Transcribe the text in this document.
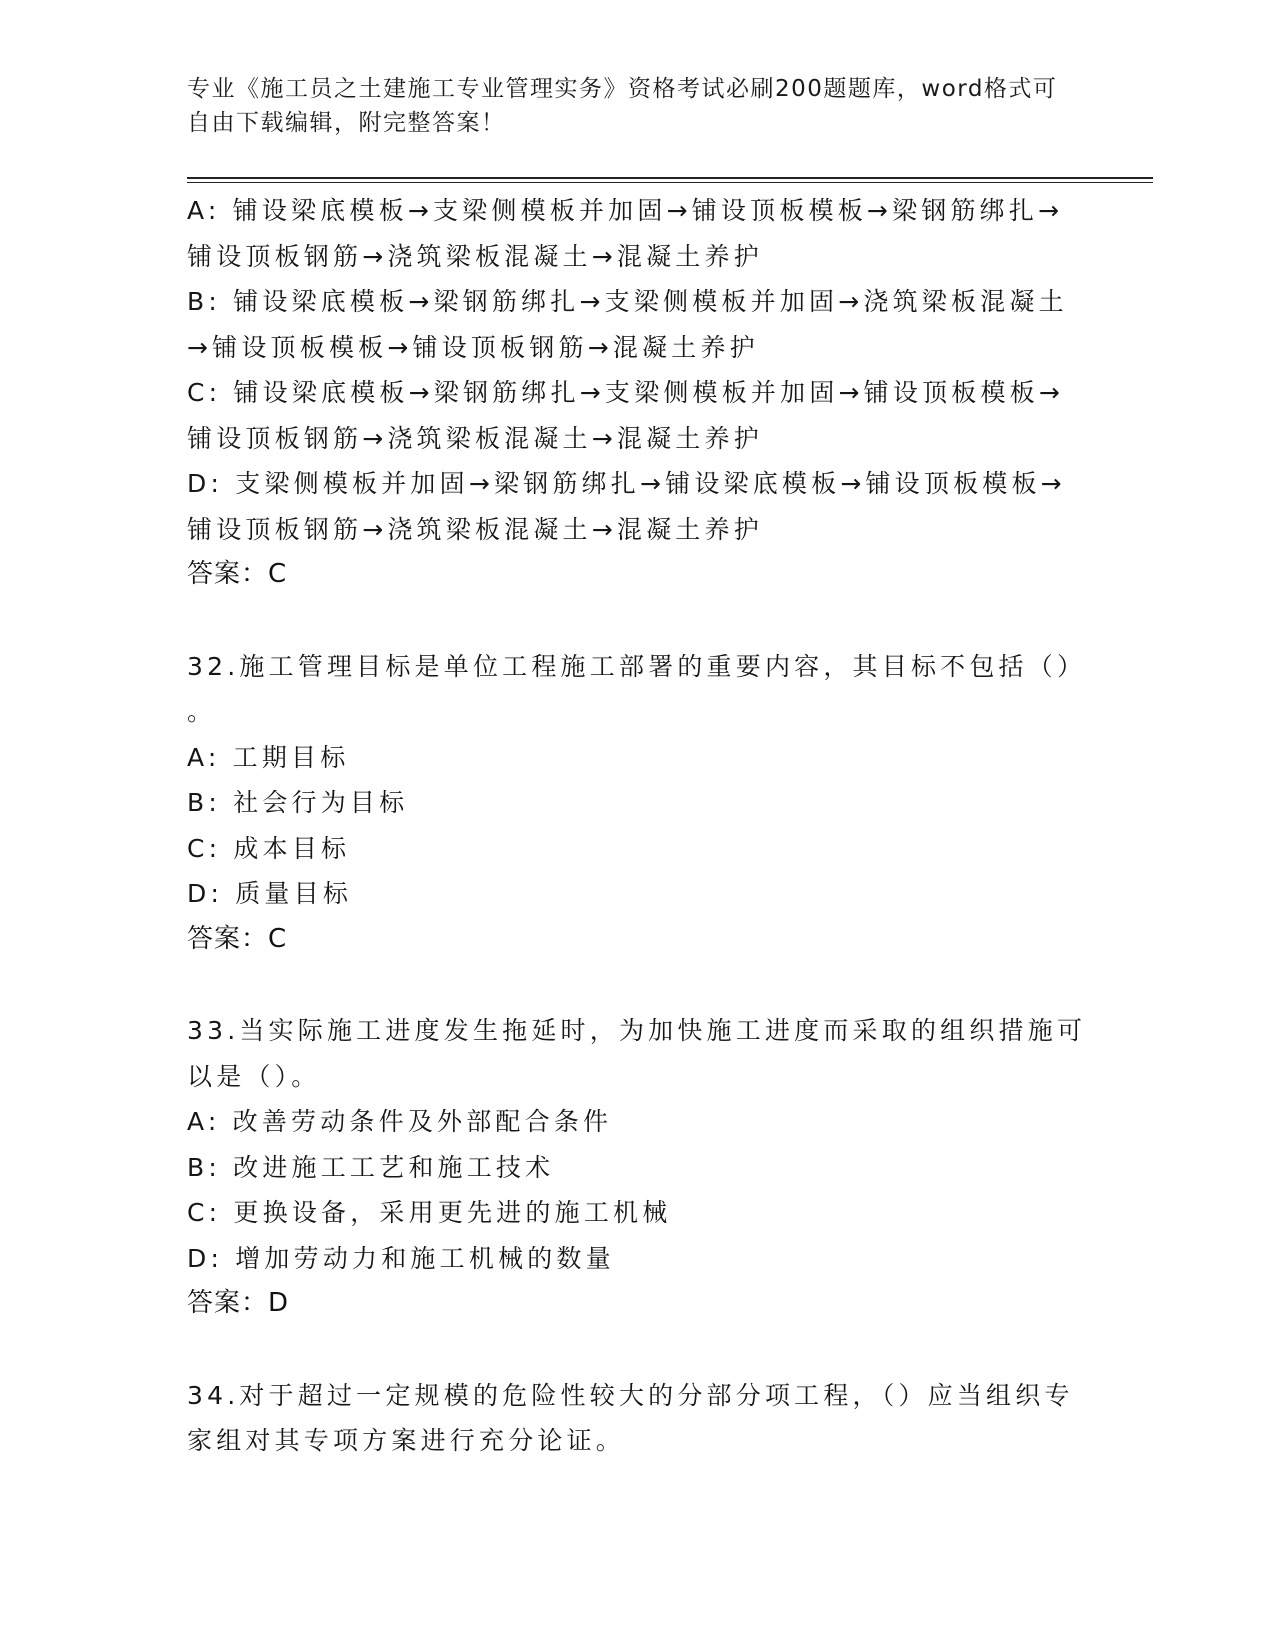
专业《施工员之土建施工专业管理实务》资格考试必刷200题题库，word格式可
自由下载编辑，附完整答案！
A: 铺设梁底模板→支梁侧模板并加固→铺设顶板模板→梁钢筋绑扎→
铺设顶板钢筋→浇筑梁板混凝土→混凝土养护
B: 铺设梁底模板→梁钢筋绑扎→支梁侧模板并加固→浇筑梁板混凝土
→铺设顶板模板→铺设顶板钢筋→混凝土养护
C: 铺设梁底模板→梁钢筋绑扎→支梁侧模板并加固→铺设顶板模板→
铺设顶板钢筋→浇筑梁板混凝土→混凝土养护
D: 支梁侧模板并加固→梁钢筋绑扎→铺设梁底模板→铺设顶板模板→
铺设顶板钢筋→浇筑梁板混凝土→混凝土养护
答案：C
32.施工管理目标是单位工程施工部署的重要内容，其目标不包括（）
。
A: 工期目标
B: 社会行为目标
C: 成本目标
D: 质量目标
答案：C
33.当实际施工进度发生拖延时，为加快施工进度而采取的组织措施可
以是（）。
A: 改善劳动条件及外部配合条件
B: 改进施工工艺和施工技术
C: 更换设备，采用更先进的施工机械
D: 增加劳动力和施工机械的数量
答案：D
34.对于超过一定规模的危险性较大的分部分项工程，（）应当组织专
家组对其专项方案进行充分论证。
